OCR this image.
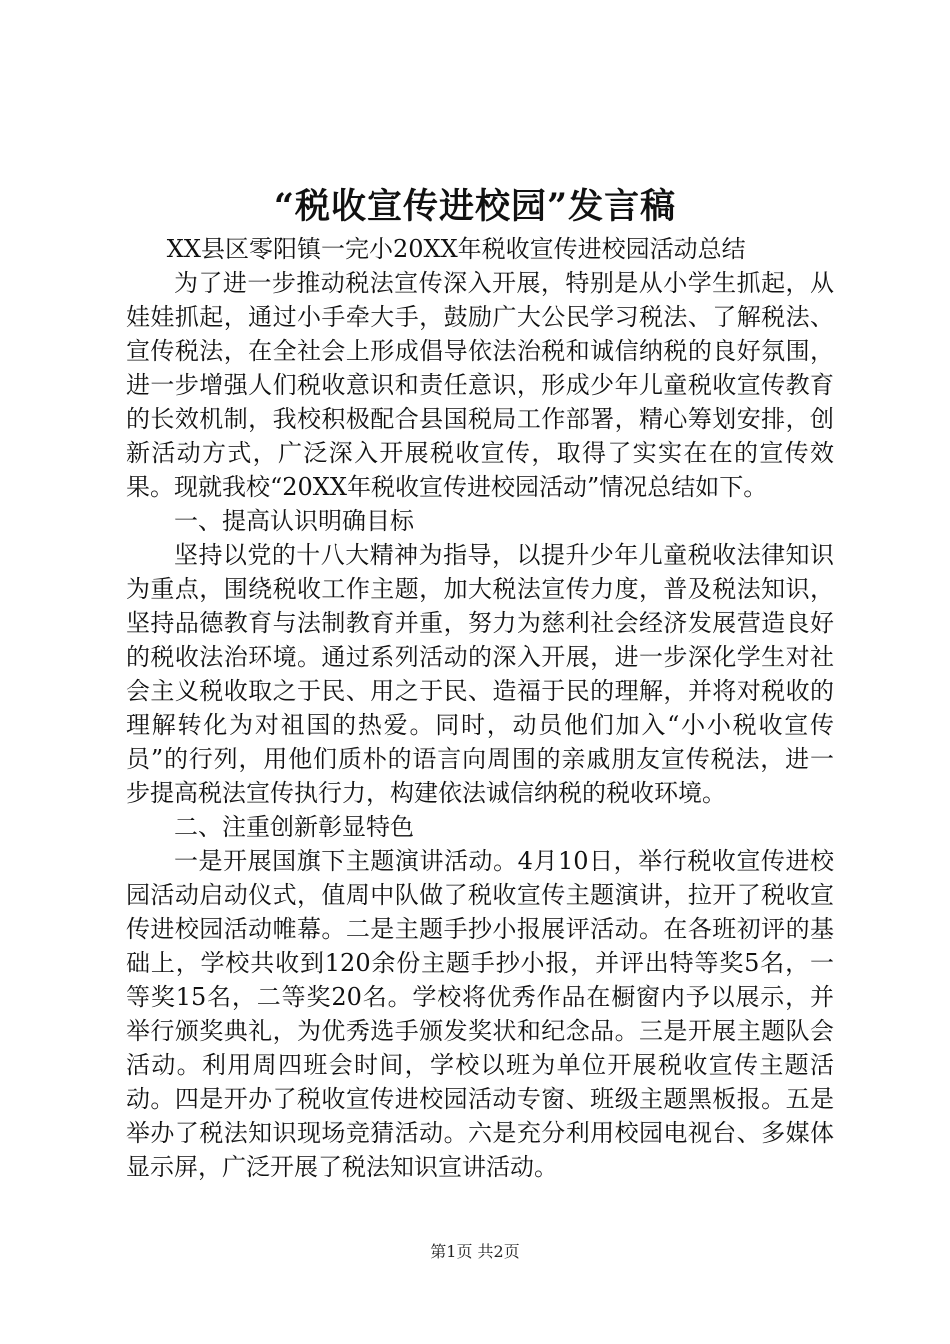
“税收宣传进校园”发言稿

XX县区零阳镇一完小20XX年税收宣传进校园活动总结

为了进一步推动税法宣传深入开展，特别是从小学生抓起，从娃娃抓起，通过小手牵大手，鼓励广大公民学习税法、了解税法、宣传税法，在全社会上形成倡导依法治税和诚信纳税的良好氛围，进一步增强人们税收意识和责任意识，形成少年儿童税收宣传教育的长效机制，我校积极配合县国税局工作部署，精心筹划安排，创新活动方式，广泛深入开展税收宣传，取得了实实在在的宣传效果。现就我校“20XX年税收宣传进校园活动”情况总结如下。

一、提高认识明确目标

坚持以党的十八大精神为指导，以提升少年儿童税收法律知识为重点，围绕税收工作主题，加大税法宣传力度，普及税法知识，坚持品德教育与法制教育并重，努力为慈利社会经济发展营造良好的税收法治环境。通过系列活动的深入开展，进一步深化学生对社会主义税收取之于民、用之于民、造福于民的理解，并将对税收的理解转化为对祖国的热爱。同时，动员他们加入“小小税收宣传员”的行列，用他们质朴的语言向周围的亲戚朋友宣传税法，进一步提高税法宣传执行力，构建依法诚信纳税的税收环境。

二、注重创新彰显特色

一是开展国旗下主题演讲活动。4月10日，举行税收宣传进校园活动启动仪式，值周中队做了税收宣传主题演讲，拉开了税收宣传进校园活动帷幕。二是主题手抄小报展评活动。在各班初评的基础上，学校共收到120余份主题手抄小报，并评出特等奖5名，一等奖15名，二等奖20名。学校将优秀作品在橱窗内予以展示，并举行颁奖典礼，为优秀选手颁发奖状和纪念品。三是开展主题队会活动。利用周四班会时间，学校以班为单位开展税收宣传主题活动。四是开办了税收宣传进校园活动专窗、班级主题黑板报。五是举办了税法知识现场竞猜活动。六是充分利用校园电视台、多媒体显示屏，广泛开展了税法知识宣讲活动。

第1页 共2页
